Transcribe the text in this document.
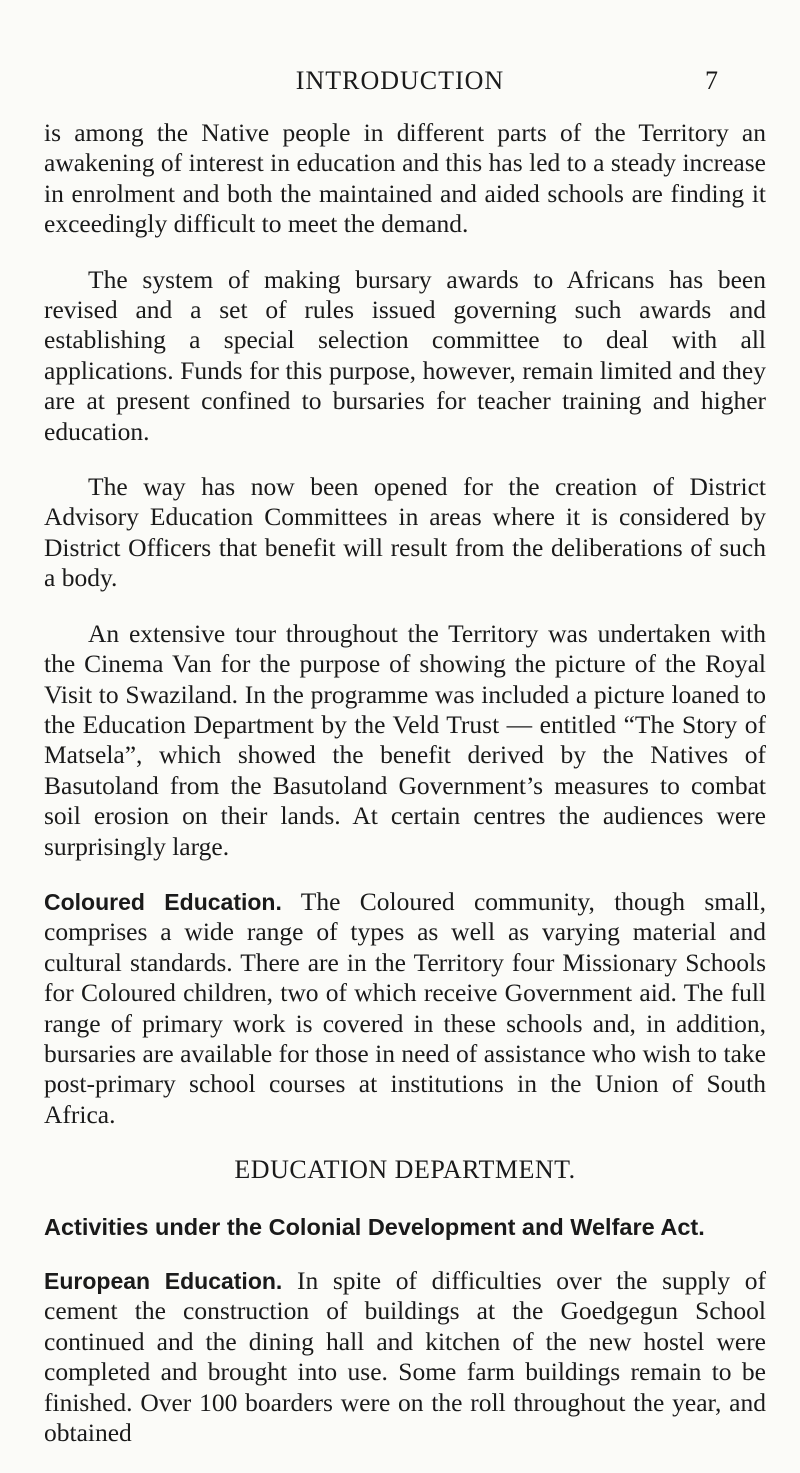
INTRODUCTION	7

is among the Native people in different parts of the Territory an awakening of interest in education and this has led to a steady increase in enrolment and both the maintained and aided schools are finding it exceedingly difficult to meet the demand.

The system of making bursary awards to Africans has been revised and a set of rules issued governing such awards and establishing a special selection committee to deal with all applications. Funds for this purpose, however, remain limited and they are at present confined to bursaries for teacher training and higher education.

The way has now been opened for the creation of District Advisory Education Committees in areas where it is considered by District Officers that benefit will result from the deliberations of such a body.

An extensive tour throughout the Territory was undertaken with the Cinema Van for the purpose of showing the picture of the Royal Visit to Swaziland. In the programme was included a picture loaned to the Education Department by the Veld Trust — entitled “The Story of Matsela”, which showed the benefit derived by the Natives of Basutoland from the Basutoland Government’s measures to combat soil erosion on their lands. At certain centres the audiences were surprisingly large.

Coloured Education. The Coloured community, though small, comprises a wide range of types as well as varying material and cultural standards. There are in the Territory four Missionary Schools for Coloured children, two of which receive Government aid. The full range of primary work is covered in these schools and, in addition, bursaries are available for those in need of assistance who wish to take post-primary school courses at institutions in the Union of South Africa.

EDUCATION DEPARTMENT.
Activities under the Colonial Development and Welfare Act.

European Education. In spite of difficulties over the supply of cement the construction of buildings at the Goedgegun School continued and the dining hall and kitchen of the new hostel were completed and brought into use. Some farm buildings remain to be finished. Over 100 boarders were on the roll throughout the year, and obtained
